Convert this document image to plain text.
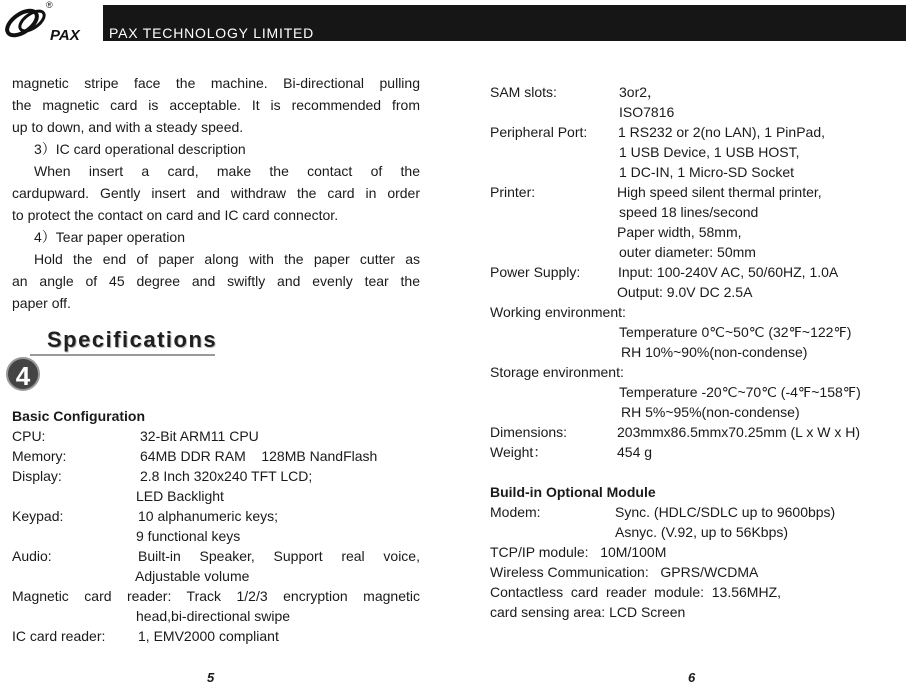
PAX
®
PAX TECHNOLOGY LIMITED
magnetic stripe face the machine. Bi-directional pulling
the magnetic card is acceptable. It is recommended from
up to down, and with a steady speed.
3）IC card operational description
When insert a card, make the contact of the
cardupward. Gently insert and withdraw the card in order
to protect the contact on card and IC card connector.
4）Tear paper operation
Hold the end of paper along with the paper cutter as
an angle of 45 degree and swiftly and evenly tear the
paper off.
Specifications
4
Basic Configuration
CPU:	32-Bit ARM11 CPU
Memory:	64MB DDR RAM    128MB NandFlash
Display:	2.8 Inch 320x240 TFT LCD;
LED Backlight
Keypad:	10 alphanumeric keys;
9 functional keys
Audio:	Built-in Speaker, Support real voice,
Adjustable volume
Magnetic card reader: Track 1/2/3 encryption magnetic
head,bi-directional swipe
IC card reader: 1, EMV2000 compliant
5
SAM slots:	3or2，
ISO7816
Peripheral Port: 1 RS232 or 2(no LAN), 1 PinPad,
1 USB Device, 1 USB HOST,
1 DC-IN, 1 Micro-SD Socket
Printer:	High speed silent thermal printer,
speed 18 lines/second
Paper width, 58mm,
outer diameter: 50mm
Power Supply:	Input: 100-240V AC, 50/60HZ, 1.0A
Output: 9.0V DC 2.5A
Working environment:
Temperature 0℃~50℃ (32℉~122℉)
RH 10%~90%(non-condense)
Storage environment:
Temperature -20℃~70℃ (-4℉~158℉)
RH 5%~95%(non-condense)
Dimensions:	203mmx86.5mmx70.25mm (L x W x H)
Weight：	454 g
Build-in Optional Module
Modem:	Sync. (HDLC/SDLC up to 9600bps)
Asnyc. (V.92, up to 56Kbps)
TCP/IP module:   10M/100M
Wireless Communication:   GPRS/WCDMA
Contactless  card  reader  module:  13.56MHZ,
card sensing area: LCD Screen
6
